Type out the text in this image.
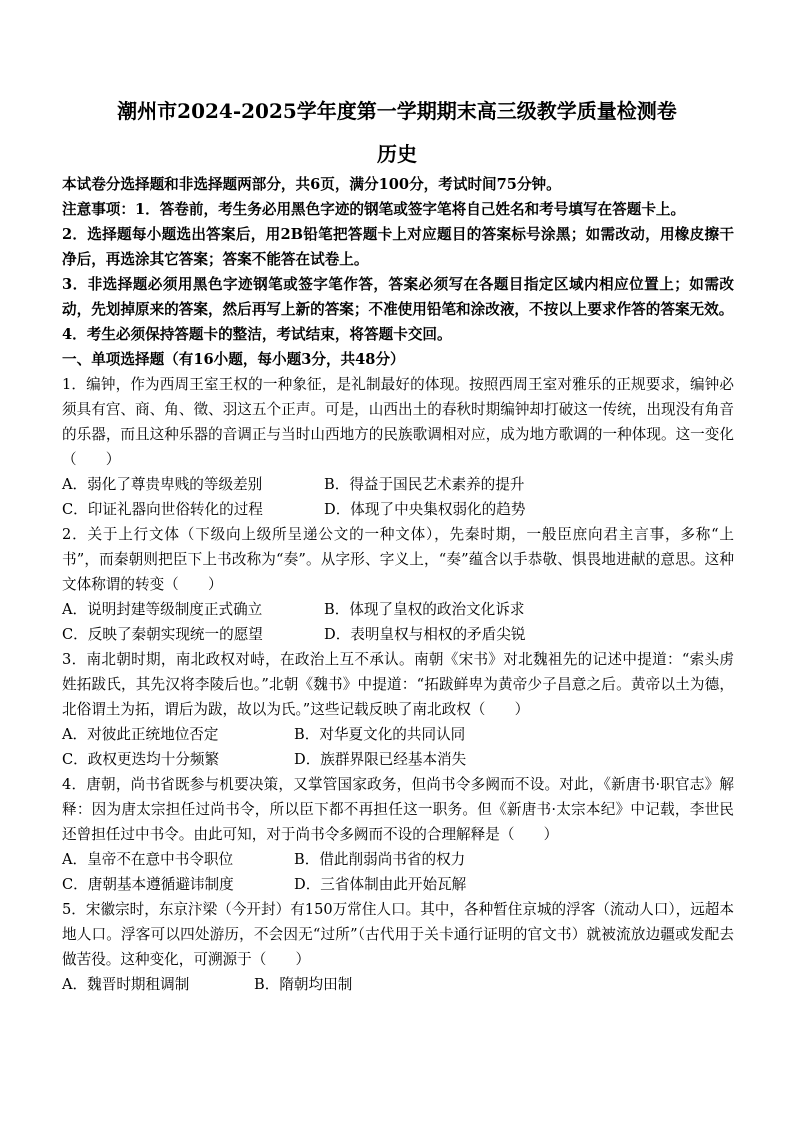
潮州市2024-2025学年度第一学期期末高三级教学质量检测卷
历史

本试卷分选择题和非选择题两部分，共6页，满分100分，考试时间75分钟。

注意事项：1．答卷前，考生务必用黑色字迹的钢笔或签字笔将自己姓名和考号填写在答题卡上。

2．选择题每小题选出答案后，用2B铅笔把答题卡上对应题目的答案标号涂黑；如需改动，用橡皮擦干净后，再选涂其它答案；答案不能答在试卷上。

3．非选择题必须用黑色字迹钢笔或签字笔作答，答案必须写在各题目指定区域内相应位置上；如需改动，先划掉原来的答案，然后再写上新的答案；不准使用铅笔和涂改液，不按以上要求作答的答案无效。

4．考生必须保持答题卡的整洁，考试结束，将答题卡交回。

一、单项选择题（有16小题，每小题3分，共48分）

1．编钟，作为西周王室王权的一种象征，是礼制最好的体现。按照西周王室对雅乐的正规要求，编钟必须具有宫、商、角、徵、羽这五个正声。可是，山西出土的春秋时期编钟却打破这一传统，出现没有角音的乐器，而且这种乐器的音调正与当时山西地方的民族歌调相对应，成为地方歌调的一种体现。这一变化（　　）

A．弱化了尊贵卑贱的等级差别	B．得益于国民艺术素养的提升
C．印证礼器向世俗转化的过程	D．体现了中央集权弱化的趋势

2．关于上行文体（下级向上级所呈递公文的一种文体），先秦时期，一般臣庶向君主言事，多称“上书”，而秦朝则把臣下上书改称为“奏”。从字形、字义上，“奏”蕴含以手恭敬、惧畏地进献的意思。这种文体称谓的转变（　　）

A．说明封建等级制度正式确立	B．体现了皇权的政治文化诉求
C．反映了秦朝实现统一的愿望	D．表明皇权与相权的矛盾尖锐

3．南北朝时期，南北政权对峙，在政治上互不承认。南朝《宋书》对北魏祖先的记述中提道：“索头虏姓拓跋氏，其先汉将李陵后也。”北朝《魏书》中提道：“拓跋鲜卑为黄帝少子昌意之后。黄帝以土为德，北俗谓土为拓，谓后为跋，故以为氏。”这些记载反映了南北政权（　　）

A．对彼此正统地位否定	B．对华夏文化的共同认同
C．政权更迭均十分频繁	D．族群界限已经基本消失

4．唐朝，尚书省既参与机要决策，又掌管国家政务，但尚书令多阙而不设。对此，《新唐书·职官志》解释：因为唐太宗担任过尚书令，所以臣下都不再担任这一职务。但《新唐书·太宗本纪》中记载，李世民还曾担任过中书令。由此可知，对于尚书令多阙而不设的合理解释是（　　）

A．皇帝不在意中书令职位	B．借此削弱尚书省的权力
C．唐朝基本遵循避讳制度	D．三省体制由此开始瓦解

5．宋徽宗时，东京汴梁（今开封）有150万常住人口。其中，各种暂住京城的浮客（流动人口），远超本地人口。浮客可以四处游历，不会因无“过所”（古代用于关卡通行证明的官文书）就被流放边疆或发配去做苦役。这种变化，可溯源于（　　）

A．魏晋时期租调制	B．隋朝均田制
